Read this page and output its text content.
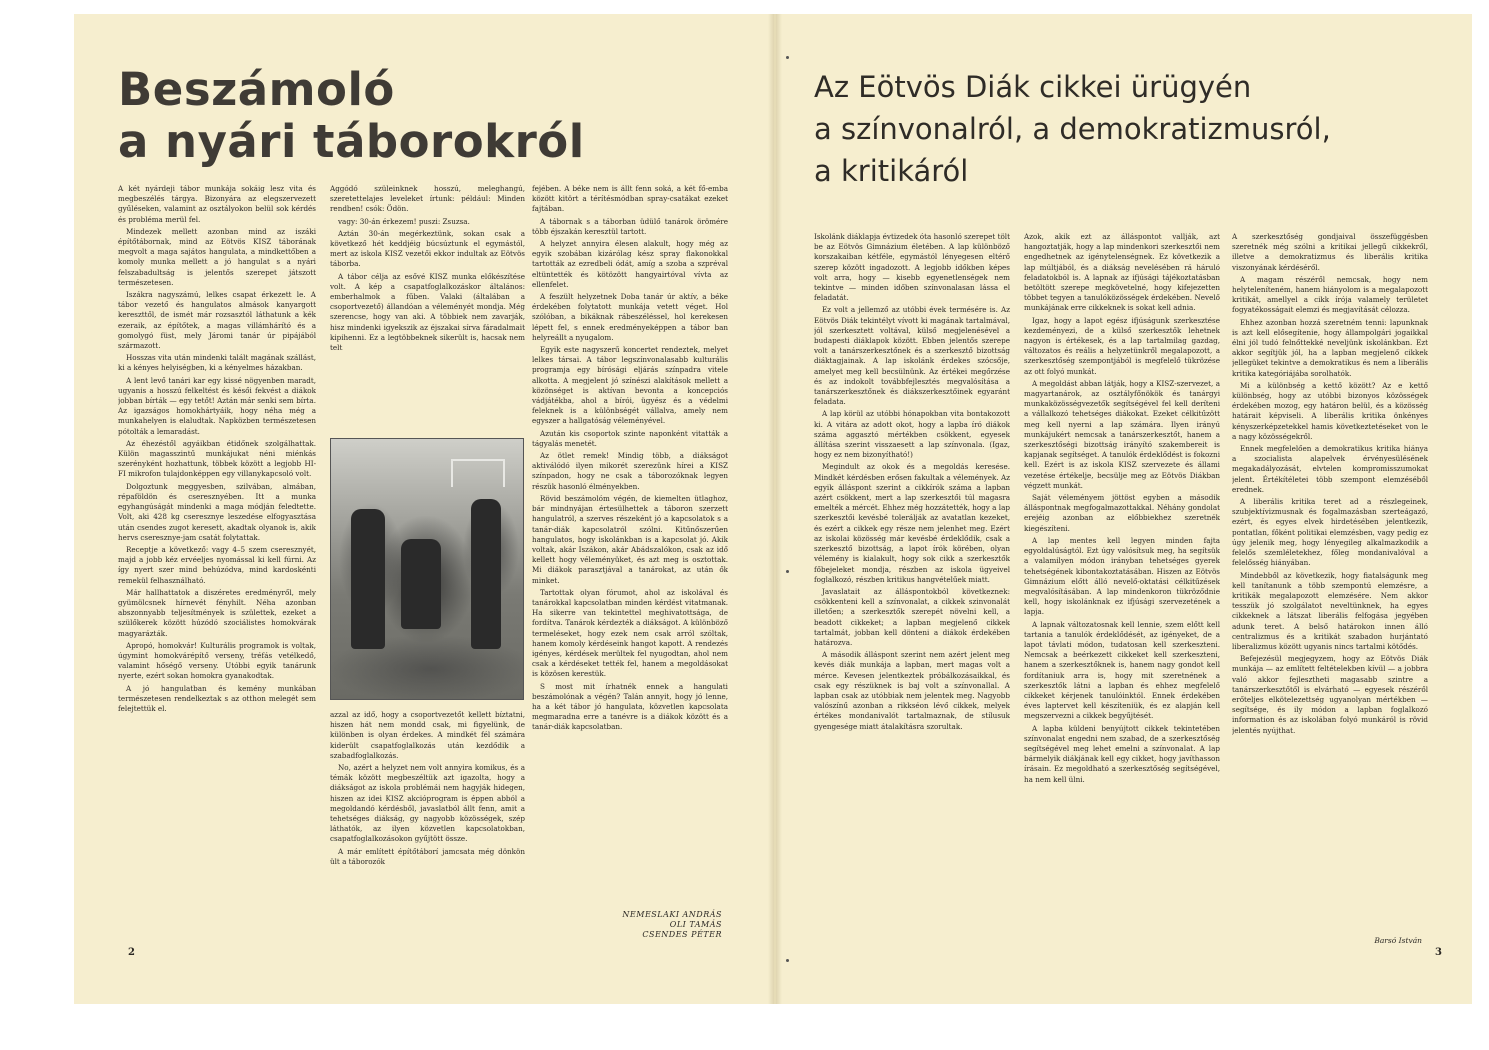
Beszámoló
a nyári táborokról

A két nyárdeji tábor munkája sokáig lesz vita és megbeszélés tárgya. Bizonyára az elegszervezett gyűléseken, valamint az osztályokon belül sok kérdés és probléma merül fel.

Mindezek mellett azonban mind az iszáki építőtábornak, mind az Eötvös KISZ táborának megvolt a maga sajátos hangulata, a mindkettőben a komoly munka mellett a jó hangulat s a nyári felszabadultság is jelentős szerepet játszott természetesen.

Iszákra nagyszámú, lelkes csapat érkezett le. A tábor vezető és hangulatos almások kanyargott kereszttől, de ismét már rozsasztól láthatunk a kék ezeraik, az építőtek, a magas villámhárító és a gomolygó füst, mely Járomi tanár úr pipájából származott.

Hosszas vita után mindenki talált magának szállást, ki a kényes helyiségben, ki a kényelmes házakban.

A lent levő tanári kar egy kissé nögyenben maradt, ugyanis a hosszú felkeltést és késői fekvést a diákok jobban bírták — egy tetőt! Aztán már senki sem bírta. Az igazságos homokhártyáik, hogy néha még a munkahelyen is elaludtak. Napközben természetesen pótolták a lemaradást.

Az éhezéstől agyáikban étidőnek szolgálhattak. Külön magasszintű munkájukat néni miénkás szerényként hozhattunk, többek között a legjobb HI-FI mikrofon tulajdonképpen egy villanykapcsoló volt.

Dolgoztunk meggyesben, szilvában, almában, répaföldön és cseresznyében. Itt a munka egyhangúságát mindenki a maga módján feledtette. Volt, aki 428 kg cseresznye leszedése elfogyasztása után csendes zugot keresett, akadtak olyanok is, akik hervs cseresznye-jam csatát folytattak.

Receptje a következő: vagy 4–5 szem cseresznyét, majd a jobb kéz ervéeljes nyomással ki kell fúrni. Az így nyert szer mind behúzódva, mind kardoskénti remekül felhasználható.

Már hallhattatok a diszéretes eredményről, mely gyümölcsnek hírnevét fényhilt. Néha azonban abszonnyabb teljesítmények is születtek, ezeket a szülőkerek között húzódó szociálistes homokvárak magyarázták.

Apropó, homokvár! Kulturális programok is voltak, úgymint homokvárépítő verseny, tréfás vetélkedő, valamint hőségő verseny. Utóbbi egyik tanárunk nyerte, ezért sokan homokra gyanakodtak.

A jó hangulatban és kemény munkában természetesen rendelkeztak s az otthon melegét sem felejtettük el.

Aggódó szüleinknek hosszú, meleghangú, szeretettelajes leveleket írtunk: például: Minden rendben! csók: Ödön.

vagy: 30-án érkezem! puszi: Zsuzsa.

Aztán 30-án megérkeztünk, sokan csak a következő hét keddjéig búcsúztunk el egymástól, mert az iskola KISZ vezetői ekkor indultak az Eötvös táborba.

A tábor célja az esővé KISZ munka előkészítése volt. A kép a csapatfoglalkozáskor általános: emberhalmok a fűben. Valaki (általában a csoportvezető) állandóan a véleményét mondja. Még szerencse, hogy van aki. A többiek nem zavarják, hisz mindenki igyekszik az éjszakai sírva fáradalmait kipihenni. Ez a legtöbbeknek sikerült is, hacsak nem telt

azzal az idő, hogy a csoportvezetőt kellett bíztatni, hiszen hát nem mondd csak, mi figyelünk, de különben is olyan érdekes. A mindkét fél számára kiderült csapatfoglalkozás után kezdődik a szabadfoglalkozás.

No, azért a helyzet nem volt annyira komikus, és a témák között megbeszéltük azt igazolta, hogy a diákságot az iskola problémái nem hagyják hidegen, hiszen az idei KISZ akcióprogram is éppen abból a megoldandó kérdésből, javaslatból állt fenn, amit a tehetséges diákság, gy nagyobb közösségek, szép láthatók, az ilyen közvetlen kapcsolatokban, csapatfoglalkozásokon gyűjtött össze.

A már említett építőtáborí jamcsata még dönkön ült a táborozók

fejében. A béke nem is állt fenn soká, a két fő-emba között kitört a térítésmódban spray-csatákat ezeket fajtában.

A tábornak s a táborban üdülő tanárok örömére több éjszakán keresztül tartott.

A helyzet annyira élesen alakult, hogy még az egyik szobában kizárólag kész spray flakonokkal tartották az ezredbeli ódát, amíg a szoba a szpréval eltüntették és kötözött hangyairtóval vívta az ellenfelet.

A feszült helyzetnek Doba tanár úr aktív, a béke érdekében folytatott munkája vetett véget. Hol szólóban, a bikáknak rábeszéléssel, hol kerekesen lépett fel, s ennek eredményeképpen a tábor ban helyreállt a nyugalom.

Egyik este nagyszerű koncertet rendeztek, melyet lelkes társai. A tábor legszínvonalasabb kulturális programja egy bírósági eljárás színpadra vitele alkotta. A megjelent jó színészi alakítások mellett a közönséget is aktívan bevonta a koncepciós vádjátékba, ahol a bírói, ügyész és a védelmi feleknek is a különbségét vállalva, amely nem egyszer a hallgatóság véleményével.

Azután kis csoportok szinte naponként vitatták a tágyalás menetét.

Az ötlet remek! Mindig több, a diákságot aktiválódó ilyen mikorét szerezünk hírei a KISZ színpadon, hogy ne csak a táborozóknak legyen részük hasonló élményekben.

Rövid beszámolóm végén, de kiemelten ütlaghoz, bár mindnyájan értesülhettek a táboron szerzett hangulatról, a szerves részeként jó a kapcsolatok s a tanár-diák kapcsolatról szólni. Kitűnőszerűen hangulatos, hogy iskolánkban is a kapcsolat jó. Akik voltak, akár Iszákon, akár Abádszalókon, csak az idő kellett hogy véleményüket, és azt meg is osztottak. Mi diákok parasztjával a tanárokat, az után ők minket.

Tartottak olyan fórumot, ahol az iskolával és tanárokkal kapcsolatban minden kérdést vitatmanak. Ha sikerre van tekintettel meghivatottsága, de fordítva. Tanárok kérdezték a diákságot. A különböző termeléseket, hogy ezek nem csak arról szóltak, hanem komoly kérdéseink hangot kapott. A rendezés igényes, kérdések merültek fel nyugodtan, ahol nem csak a kérdéseket tették fel, hanem a megoldásokat is közösen kerestük.

S most mit írhatnék ennek a hangulati beszámolónak a végén? Talán annyit, hogy jó lenne, ha a két tábor jó hangulata, közvetlen kapcsolata megmaradna erre a tanévre is a diákok között és a tanár-diák kapcsolatban.

NEMESLAKI ANDRÁS
OLI TAMÁS
CSENDES PÉTER
2
Az Eötvös Diák cikkei ürügyén
a színvonalról, a demokratizmusról,
a kritikáról

Iskolánk diáklapja évtizedek óta hasonló szerepet tölt be az Eötvös Gimnázium életében. A lap különböző korszakaiban kétféle, egymástól lényegesen eltérő szerep között ingadozott. A legjobb időkben képes volt arra, hogy — kisebb egyenetlenségek nem tekintve — minden időben színvonalasan lássa el feladatát.

Ez volt a jellemző az utóbbi évek termésére is. Az Eötvös Diák tekintélyt vívott ki magának tartalmával, jól szerkesztett voltával, külső megjelenésével a budapesti diáklapok között. Ebben jelentős szerepe volt a tanárszerkesztőnek és a szerkesztő bizottság diáktagjainak. A lap iskolánk érdekes szócsője, amelyet meg kell becsülnünk. Az értékei megőrzése és az indokolt továbbfejlesztés megvalósítása a tanárszerkesztőnek és diákszerkesztőinek egyaránt feladata.

A lap körül az utóbbi hónapokban vita bontakozott ki. A vitára az adott okot, hogy a lapba író diákok száma aggasztó mértékben csökkent, egyesek állítása szerint visszaesett a lap színvonala. (Igaz, hogy ez nem bizonyítható!)

Megindult az okok és a megoldás keresése. Mindkét kérdésben erősen fakultak a vélemények. Az egyik álláspont szerint a cikkírók száma a lapban azért csökkent, mert a lap szerkesztői túl magasra emelték a mércét. Ehhez még hozzátették, hogy a lap szerkesztői kevésbé tolerálják az avatatlan kezeket, és ezért a cikkek egy része nem jelenhet meg. Ezért az iskolai közösség már kevésbé érdeklődik, csak a szerkesztő bizottság, a lapot írók körében, olyan vélemény is kialakult, hogy sok cikk a szerkesztők főbejeleket mondja, részben az iskola ügyeivel foglalkozó, részben kritikus hangvételűek miatt.

Javaslatait az álláspontokból következnek: csökkenteni kell a színvonalat, a cikkek szinvonalát illetően; a szerkesztők szerepét növelni kell, a beadott cikkeket; a lapban megjelenő cikkek tartalmát, jobban kell dönteni a diákok érdekében határozva.

A második álláspont szerint nem azért jelent meg kevés diák munkája a lapban, mert magas volt a mérce. Kevesen jelentkeztek próbálkozásaikkal, és csak egy részüknek is baj volt a színvonallal. A lapban csak az utóbbiak nem jelentek meg. Nagyobb valószínű azonban a rikkséon lévő cikkek, melyek értékes mondanivalót tartalmaznak, de stílusuk gyengesége miatt átalakításra szorultak.

Azok, akik ezt az álláspontot vallják, azt hangoztatják, hogy a lap mindenkori szerkesztői nem engedhetnek az igénytelenségnek. Ez következik a lap múltjából, és a diákság nevelésében rá háruló feladatokból is. A lapnak az ifjúsági tájékoztatásban betöltött szerepe megkövetelné, hogy kifejezetten többet tegyen a tanulóközösségek érdekében. Nevelő munkájának erre cikkeknek is sokat kell adnia.

Igaz, hogy a lapot egész ifjúságunk szerkesztése kezdeményezi, de a külső szerkesztők lehetnek nagyon is értékesek, és a lap tartalmilag gazdag, változatos és reális a helyzetünkről megalapozott, a szerkesztőség szempontjából is megfelelő tükrözése az ott folyó munkát.

A megoldást abban látják, hogy a KISZ-szervezet, a magyartanárok, az osztályfőnökök és tanárgyi munkaközösségvezetők segítségével fel kell deríteni a vállalkozó tehetséges diákokat. Ezeket célkitűzött meg kell nyerni a lap számára. Ilyen irányú munkájukért nemcsak a tanárszerkesztőt, hanem a szerkesztőségi bizottság irányító szakembereit is kapjanak segítséget. A tanulók érdeklődést is fokozni kell. Ezért is az iskola KISZ szervezete és állami vezetése értékelje, becsülje meg az Eötvös Diákban végzett munkát.

Saját véleményem jöttöst egyben a második álláspontnak megfogalmazottakkal. Néhány gondolat erejéig azonban az előbbiekhez szeretnék kiegészíteni.

A lap mentes kell legyen minden fajta egyoldalúságtól. Ezt úgy valósítsuk meg, ha segítsük a valamilyen módon irányban tehetséges gyerek tehetségének kibontakoztatásában. Hiszen az Eötvös Gimnázium előtt álló nevelő-oktatási célkitűzések megvalósításában. A lap mindenkoron tükröződnie kell, hogy iskolánknak ez ifjúsági szervezetének a lapja.

A lapnak változatosnak kell lennie, szem előtt kell tartania a tanulók érdeklődését, az igényeket, de a lapot távlati módon, tudatosan kell szerkeszteni. Nemcsak a beérkezett cikkeket kell szerkeszteni, hanem a szerkesztőknek is, hanem nagy gondot kell fordítaniuk arra is, hogy mit szeretnének a szerkesztők látni a lapban és ehhez megfelelő cikkeket kérjenek tanulóinktól. Ennek érdekében éves laptervet kell készíteniük, és ez alapján kell megszervezni a cikkek begyűjtését.

A lapba küldeni benyújtott cikkek tekintetében színvonalat engedni nem szabad, de a szerkesztőség segítségével meg lehet emelni a színvonalat. A lap bármelyik diákjának kell egy cikket, hogy javíthasson írásain. Ez megoldható a szerkesztőség segítségével, ha nem kell ülni.

A szerkesztőség gondjaival összefüggésben szeretnék még szólni a kritikai jellegű cikkekről, illetve a demokratizmus és liberális kritika viszonyának kérdéséről.

A magam részéről nemcsak, hogy nem helyteleníteném, hanem hiányolom is a megalapozott kritikát, amellyel a cikk írója valamely területet fogyatékosságait elemzi és megjavítását célozza.

Ehhez azonban hozzá szeretném tenni: lapunknak is azt kell elősegítenie, hogy állampolgári jogaikkal élni jól tudó felnőttekké neveljünk iskolánkban. Ezt akkor segítjük jól, ha a lapban megjelenő cikkek jellegüket tekintve a demokratikus és nem a liberális kritika kategóriájába sorolhatók.

Mi a különbség a kettő között? Az e kettő különbség, hogy az utóbbi bizonyos közösségek érdekében mozog, egy határon belül, és a közösség határait képviseli. A liberális kritika önkényes kényszerképzetekkel hamis következtetéseket von le a nagy közösségekről.

Ennek megfelelően a demokratikus kritika hiánya a szocialista alapelvek érvényesülésének megakadályozását, elvtelen kompromisszumokat jelent. Értékítéletei több szempont elemzéséből erednek.

A liberális kritika teret ad a részlegeinek, szubjektívizmusnak és fogalmazásban szerteágazó, ezért, és egyes elvek hirdetésében jelentkezik, pontatlan, főként politikai elemzésben, vagy pedig ez úgy jelenik meg, hogy lényegileg alkalmazkodik a felelős szemléletekhez, főleg mondanivalóval a felelősség hiányában.

Mindebből az következik, hogy fiatalságunk meg kell tanítanunk a több szempontú elemzésre, a kritikák megalapozott elemzésére. Nem akkor tesszük jó szolgálatot neveltünknek, ha egyes cikkeknek a látszat liberális felfogása jegyében adunk teret. A belső határokon innen álló centralizmus és a kritikát szabadon hurjántató liberalizmus között ugyanis nincs tartalmi kötődés.

Befejezésül megjegyzem, hogy az Eötvös Diák munkája — az említett feltételekben kívül — a jobbra való akkor fejlesztheti magasabb szintre a tanárszerkesztőtől is elvárható — egyesek részéről erőteljes elkötelezettség ugyanolyan mértékben — segítsége, és ily módon a lapban foglalkozó information és az iskolában folyó munkáról is rövid jelentés nyújthat.

Barsó István
3
